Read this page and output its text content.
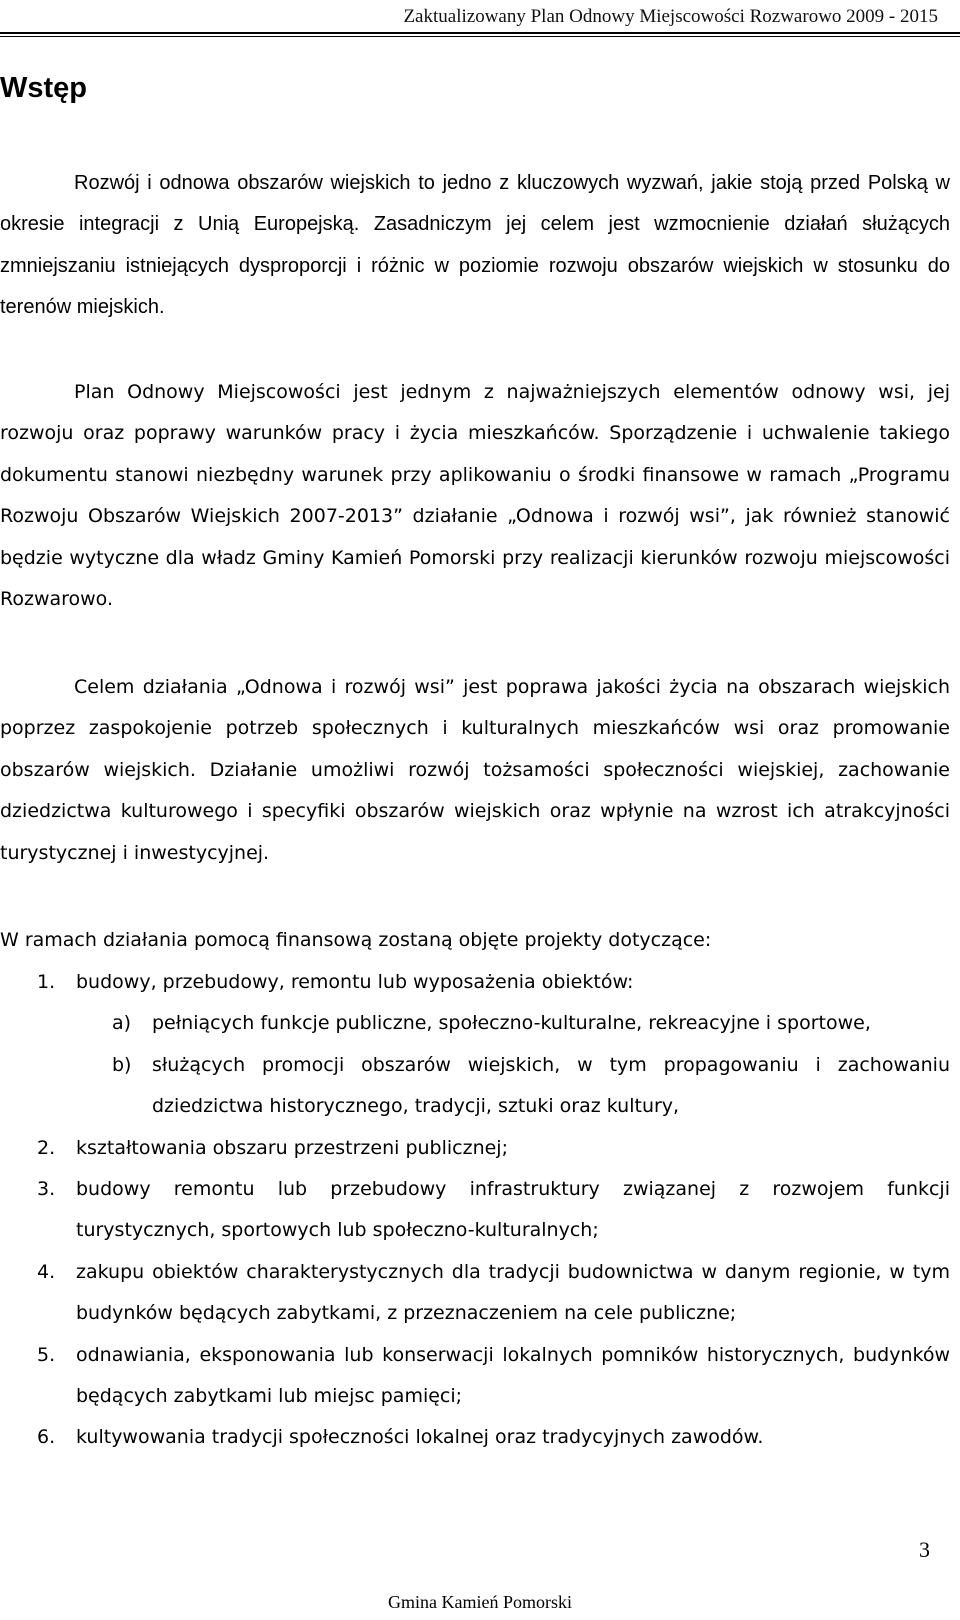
Zaktualizowany Plan Odnowy Miejscowości Rozwarowo 2009 - 2015
Wstęp

Rozwój i odnowa obszarów wiejskich to jedno z kluczowych wyzwań, jakie stoją przed Polską w okresie integracji z Unią Europejską. Zasadniczym jej celem jest wzmocnienie działań służących zmniejszaniu istniejących dysproporcji i różnic w poziomie rozwoju obszarów wiejskich w stosunku do terenów miejskich.

Plan Odnowy Miejscowości jest jednym z najważniejszych elementów odnowy wsi, jej rozwoju oraz poprawy warunków pracy i życia mieszkańców. Sporządzenie i uchwalenie takiego dokumentu stanowi niezbędny warunek przy aplikowaniu o środki finansowe w ramach „Programu Rozwoju Obszarów Wiejskich 2007-2013” działanie „Odnowa i rozwój wsi”, jak również stanowić będzie wytyczne dla władz Gminy Kamień Pomorski przy realizacji kierunków rozwoju miejscowości Rozwarowo.

Celem działania „Odnowa i rozwój wsi” jest poprawa jakości życia na obszarach wiejskich poprzez zaspokojenie potrzeb społecznych i kulturalnych mieszkańców wsi oraz promowanie obszarów wiejskich. Działanie umożliwi rozwój tożsamości społeczności wiejskiej, zachowanie dziedzictwa kulturowego i specyfiki obszarów wiejskich oraz wpłynie na wzrost ich atrakcyjności turystycznej i inwestycyjnej.

W ramach działania pomocą finansową zostaną objęte projekty dotyczące:

1. budowy, przebudowy, remontu lub wyposażenia obiektów:
a) pełniących funkcje publiczne, społeczno-kulturalne, rekreacyjne i sportowe,
b) służących promocji obszarów wiejskich, w tym propagowaniu i zachowaniu dziedzictwa historycznego, tradycji, sztuki oraz kultury,
2. kształtowania obszaru przestrzeni publicznej;
3. budowy remontu lub przebudowy infrastruktury związanej z rozwojem funkcji turystycznych, sportowych lub społeczno-kulturalnych;
4. zakupu obiektów charakterystycznych dla tradycji budownictwa w danym regionie, w tym budynków będących zabytkami, z przeznaczeniem na cele publiczne;
5. odnawiania, eksponowania lub konserwacji lokalnych pomników historycznych, budynków będących zabytkami lub miejsc pamięci;
6. kultywowania tradycji społeczności lokalnej oraz tradycyjnych zawodów.
3
Gmina Kamień Pomorski
